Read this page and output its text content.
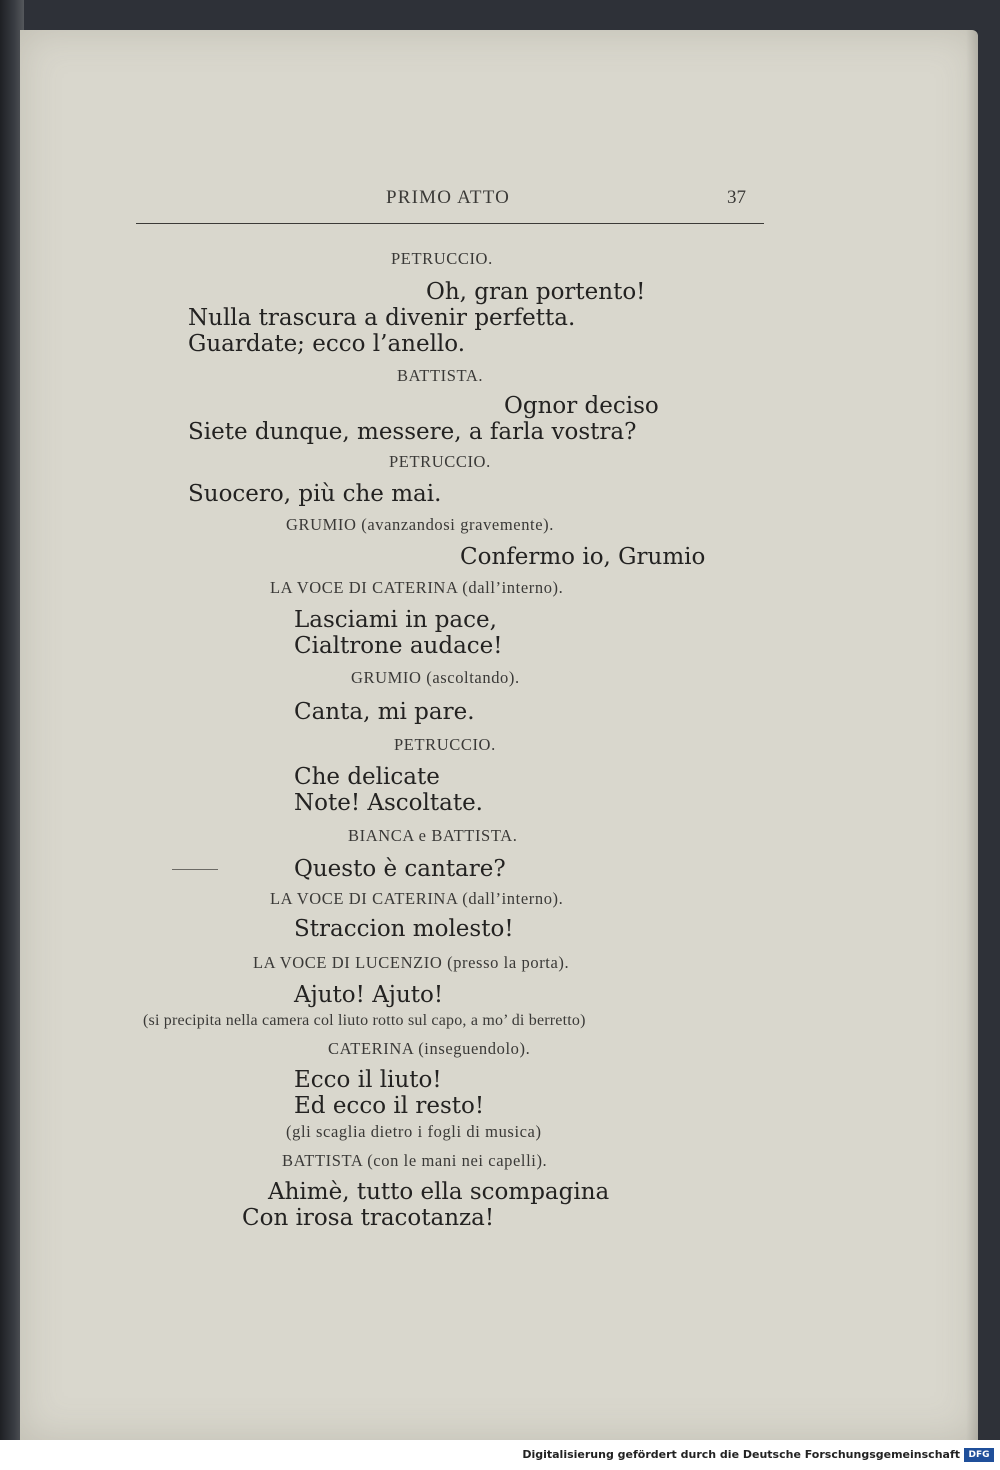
PRIMO ATTO	37
PETRUCCIO.
Oh, gran portento!
Nulla trascura a divenir perfetta.
Guardate; ecco l’anello.
BATTISTA.
Ognor deciso
Siete dunque, messere, a farla vostra?
PETRUCCIO.
Suocero, più che mai.
GRUMIO (avanzandosi gravemente).
Confermo io, Grumio
LA VOCE DI CATERINA (dall’interno).
Lasciami in pace,
Cialtrone audace!
GRUMIO (ascoltando).
Canta, mi pare.
PETRUCCIO.
Che delicate
Note! Ascoltate.
BIANCA e BATTISTA.
Questo è cantare?
LA VOCE DI CATERINA (dall’interno).
Straccion molesto!
LA VOCE DI LUCENZIO (presso la porta).
Ajuto! Ajuto!
(si precipita nella camera col liuto rotto sul capo, a mo’ di berretto)
CATERINA (inseguendolo).
Ecco il liuto!
Ed ecco il resto!
(gli scaglia dietro i fogli di musica)
BATTISTA (con le mani nei capelli).
Ahimè, tutto ella scompagina
Con irosa tracotanza!
Digitalisierung gefördert durch die Deutsche Forschungsgemeinschaft DFG
